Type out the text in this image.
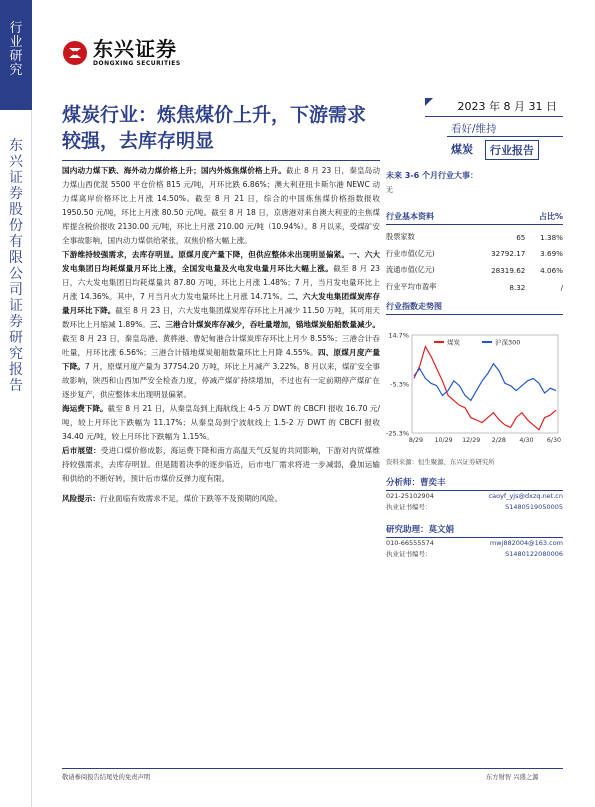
行业研究
东兴证券股份有限公司证券研究报告
东兴证券
DONGXING SECURITIES
煤炭行业：炼焦煤价上升，下游需求较强，去库存明显
2023 年 8 月 31 日
看好/维持
煤炭	行业报告

国内动力煤下跌、海外动力煤价格上升；国内外炼焦煤价格上升。截止 8 月 23 日，秦皇岛动力煤山西优混 5500 平仓价格 815 元/吨，月环比跌 6.86%；澳大利亚纽卡斯尔港 NEWC 动力煤离岸价格环比上月涨 14.50%。截至 8 月 21 日，综合的中国炼焦煤价格指数报收 1950.50 元/吨，环比上月涨 80.50 元/吨。截至 8 月 18 日，京唐港对来自澳大利亚的主焦煤库提含税价报收 2130.00 元/吨，环比上月涨 210.00 元/吨（10.94%）。8 月以来，受煤矿安全事故影响，国内动力煤供给紧张，双焦价格大幅上涨。

下游维持较强需求，去库存明显。原煤月度产量下降，但供应整体未出现明显偏紧。一、六大发电集团日均耗煤量月环比上涨，全国发电量及火电发电量月环比大幅上涨。截至 8 月 23 日，六大发电集团日均耗煤量共 87.80 万吨，环比上月涨 1.48%；7 月，当月发电量环比上月涨 14.36%。其中，7 月当月火力发电量环比上月涨 14.71%。二、六大发电集团煤炭库存量月环比下降。截至 8 月 23 日，六大发电集团煤炭库存环比上月减少 11.50 万吨，其可用天数环比上月缩减 1.89%。三、三港合计煤炭库存减少，吞吐量增加，锚地煤炭船舶数量减少。截至 8 月 23 日，秦皇岛港、黄骅港、曹妃甸港合计煤炭库存环比上月少 8.55%；三港合计吞吐量，月环比涨 6.56%；三港合计锚地煤炭船舶数量环比上月降 4.55%。四、原煤月度产量下降。7 月，原煤月度产量为 37754.20 万吨，环比上月减产 3.22%。8 月以来，煤矿安全事故影响，陕西和山西加严安全检查力度，停减产煤矿持续增加，不过也有一定前期停产煤矿在逐步复产，供应整体未出现明显偏紧。

海运费下降。截至 8 月 21 日，从秦皇岛到上海航线上 4-5 万 DWT 的 CBCFI 报收 16.70 元/吨，较上月环比下跌幅为 11.17%；从秦皇岛到宁波航线上 1.5-2 万 DWT 的 CBCFI 报收 34.40 元/吨，较上月环比下跌幅为 1.15%。

后市展望：受进口煤价修成影，海运费下降和南方高温天气反复的共同影响，下游对内贸煤维持较强需求，去库存明显。但是随着决季的逐步临近，后市电厂需求将进一步减弱，叠加运输和供给的不断好转，预计后市煤价反弹力度有限。

风险提示：行业面临有效需求不足，煤价下跌等不及预期的风险。

未来 3-6 个月行业大事：
无
行业基本资料	占比%
股票家数	65	1.38%
行业市值(亿元)	32792.17	3.69%
流通市值(亿元)	28319.62	4.06%
行业平均市盈率	8.32	/
行业指数走势图
14.7%
-5.3%
-25.3%
8/29 10/29 12/29 2/28 4/30 6/30
煤炭	沪深300
资料来源：恒生聚源、东兴证券研究所
分析师：曹奕丰
021-25102904	caoyf_yjs@dxzq.net.cn
执业证书编号：	S1480519050005
研究助理：莫文娟
010-66555574	mwj882004@163.com
执业证书编号：	S1480122080006
敬请参阅报告结尾处的免责声明	东方财智 兴盛之源
